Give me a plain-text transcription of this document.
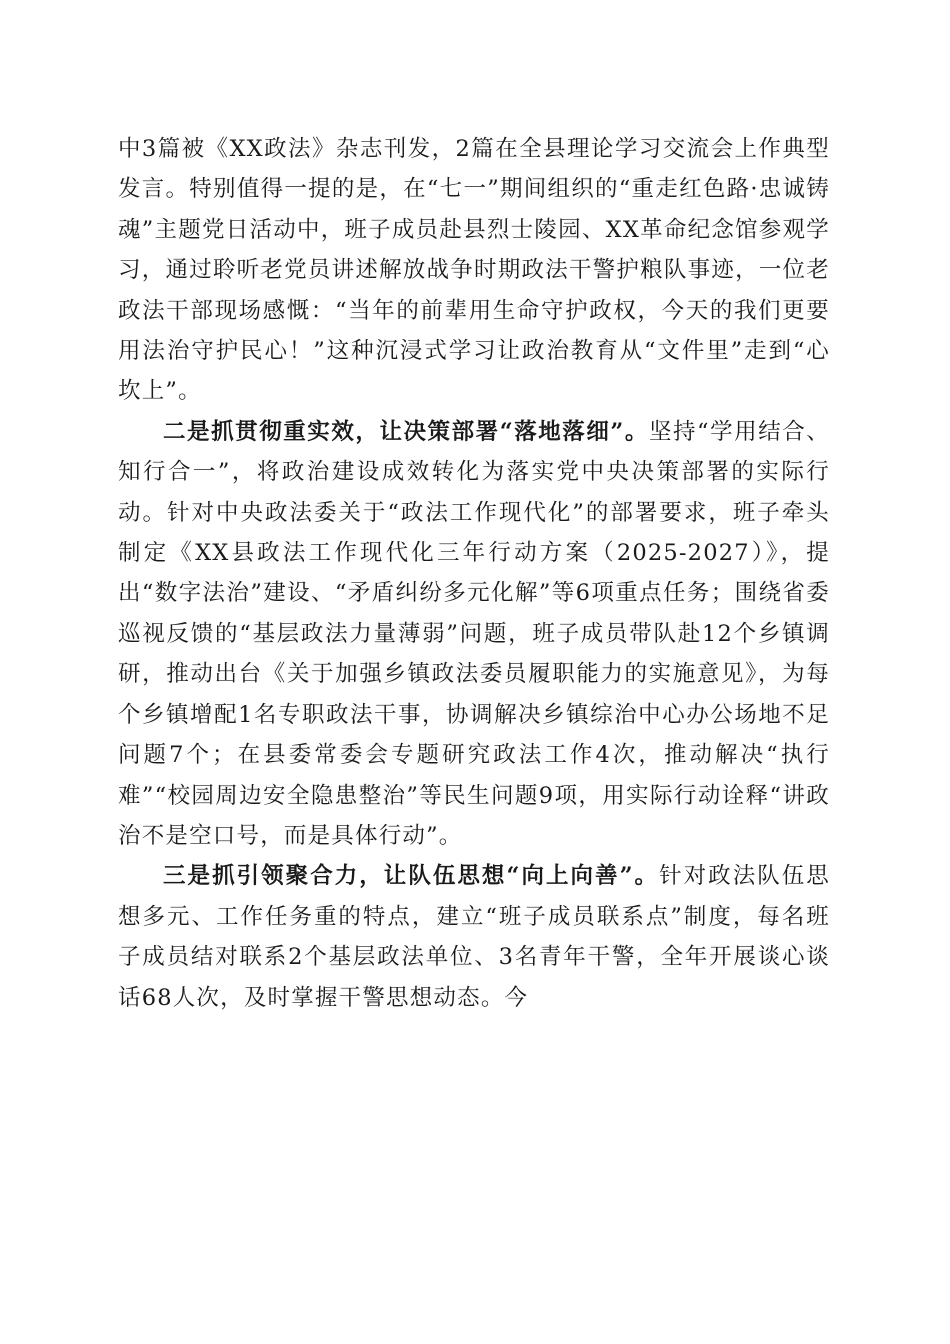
中3篇被《XX政法》杂志刊发，2篇在全县理论学习交流会上作典型发言。特别值得一提的是，在“七一”期间组织的“重走红色路·忠诚铸魂”主题党日活动中，班子成员赴县烈士陵园、XX革命纪念馆参观学习，通过聆听老党员讲述解放战争时期政法干警护粮队事迹，一位老政法干部现场感慨：“当年的前辈用生命守护政权，今天的我们更要用法治守护民心！”这种沉浸式学习让政治教育从“文件里”走到“心坎上”。

二是抓贯彻重实效，让决策部署“落地落细”。坚持“学用结合、知行合一”，将政治建设成效转化为落实党中央决策部署的实际行动。针对中央政法委关于“政法工作现代化”的部署要求，班子牵头制定《XX县政法工作现代化三年行动方案（2025-2027）》，提出“数字法治”建设、“矛盾纠纷多元化解”等6项重点任务；围绕省委巡视反馈的“基层政法力量薄弱”问题，班子成员带队赴12个乡镇调研，推动出台《关于加强乡镇政法委员履职能力的实施意见》，为每个乡镇增配1名专职政法干事，协调解决乡镇综治中心办公场地不足问题7个；在县委常委会专题研究政法工作4次，推动解决“执行难”“校园周边安全隐患整治”等民生问题9项，用实际行动诠释“讲政治不是空口号，而是具体行动”。

三是抓引领聚合力，让队伍思想“向上向善”。针对政法队伍思想多元、工作任务重的特点，建立“班子成员联系点”制度，每名班子成员结对联系2个基层政法单位、3名青年干警，全年开展谈心谈话68人次，及时掌握干警思想动态。今
